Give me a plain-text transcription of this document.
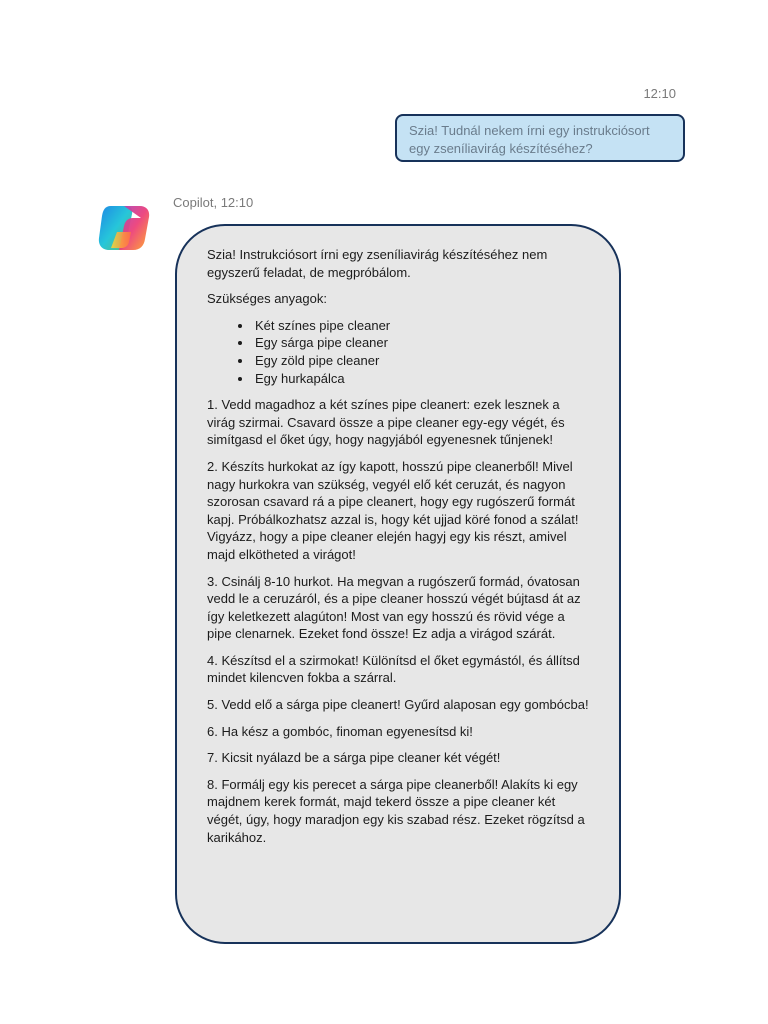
12:10
Szia! Tudnál nekem írni egy instrukciósort egy zseníliavirág készítéséhez?
Copilot, 12:10

Szia! Instrukciósort írni egy zseníliavirág készítéséhez nem egyszerű feladat, de megpróbálom.

Szükséges anyagok:

• Két színes pipe cleaner
• Egy sárga pipe cleaner
• Egy zöld pipe cleaner
• Egy hurkapálca

1. Vedd magadhoz a két színes pipe cleanert: ezek lesznek a virág szirmai. Csavard össze a pipe cleaner egy-egy végét, és simítgasd el őket úgy, hogy nagyjából egyenesnek tűnjenek!

2. Készíts hurkokat az így kapott, hosszú pipe cleanerből! Mivel nagy hurkokra van szükség, vegyél elő két ceruzát, és nagyon szorosan csavard rá a pipe cleanert, hogy egy rugószerű formát kapj. Próbálkozhatsz azzal is, hogy két ujjad köré fonod a szálat!
Vigyázz, hogy a pipe cleaner elején hagyj egy kis részt, amivel majd elkötheted a virágot!

3. Csinálj 8-10 hurkot. Ha megvan a rugószerű formád, óvatosan vedd le a ceruzáról, és a pipe cleaner hosszú végét bújtasd át az így keletkezett alagúton! Most van egy hosszú és rövid vége a pipe clenarnek. Ezeket fond össze! Ez adja a virágod szárát.

4. Készítsd el a szirmokat! Különítsd el őket egymástól, és állítsd mindet kilencven fokba a szárral.

5. Vedd elő a sárga pipe cleanert! Gyűrd alaposan egy gombócba!

6. Ha kész a gombóc, finoman egyenesítsd ki!

7. Kicsit nyálazd be a sárga pipe cleaner két végét!

8. Formálj egy kis perecet a sárga pipe cleanerből! Alakíts ki egy majdnem kerek formát, majd tekerd össze a pipe cleaner két végét, úgy, hogy maradjon egy kis szabad rész. Ezeket rögzítsd a karikához.
